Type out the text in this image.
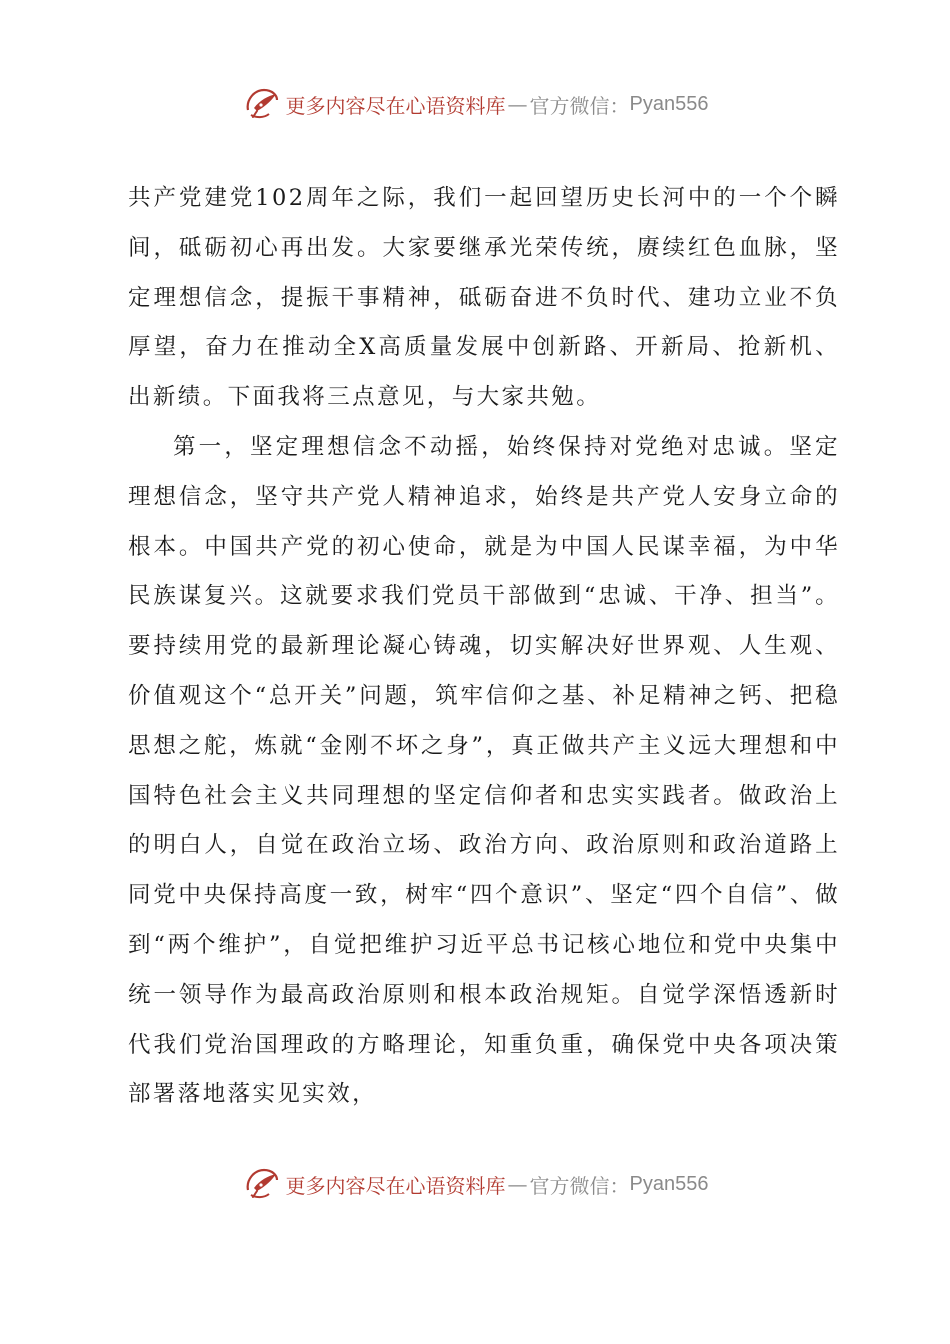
更多内容尽在心语资料库 — 官方微信： Pyan556

共产党建党102周年之际，我们一起回望历史长河中的一个个瞬间，砥砺初心再出发。大家要继承光荣传统，赓续红色血脉，坚定理想信念，提振干事精神，砥砺奋进不负时代、建功立业不负厚望，奋力在推动全X高质量发展中创新路、开新局、抢新机、出新绩。下面我将三点意见，与大家共勉。

第一，坚定理想信念不动摇，始终保持对党绝对忠诚。坚定理想信念，坚守共产党人精神追求，始终是共产党人安身立命的根本。中国共产党的初心使命，就是为中国人民谋幸福，为中华民族谋复兴。这就要求我们党员干部做到“忠诚、干净、担当”。要持续用党的最新理论凝心铸魂，切实解决好世界观、人生观、价值观这个“总开关”问题，筑牢信仰之基、补足精神之钙、把稳思想之舵，炼就“金刚不坏之身”，真正做共产主义远大理想和中国特色社会主义共同理想的坚定信仰者和忠实实践者。做政治上的明白人，自觉在政治立场、政治方向、政治原则和政治道路上同党中央保持高度一致，树牢“四个意识”、坚定“四个自信”、做到“两个维护”，自觉把维护习近平总书记核心地位和党中央集中统一领导作为最高政治原则和根本政治规矩。自觉学深悟透新时代我们党治国理政的方略理论，知重负重，确保党中央各项决策部署落地落实见实效，

更多内容尽在心语资料库 — 官方微信： Pyan556
